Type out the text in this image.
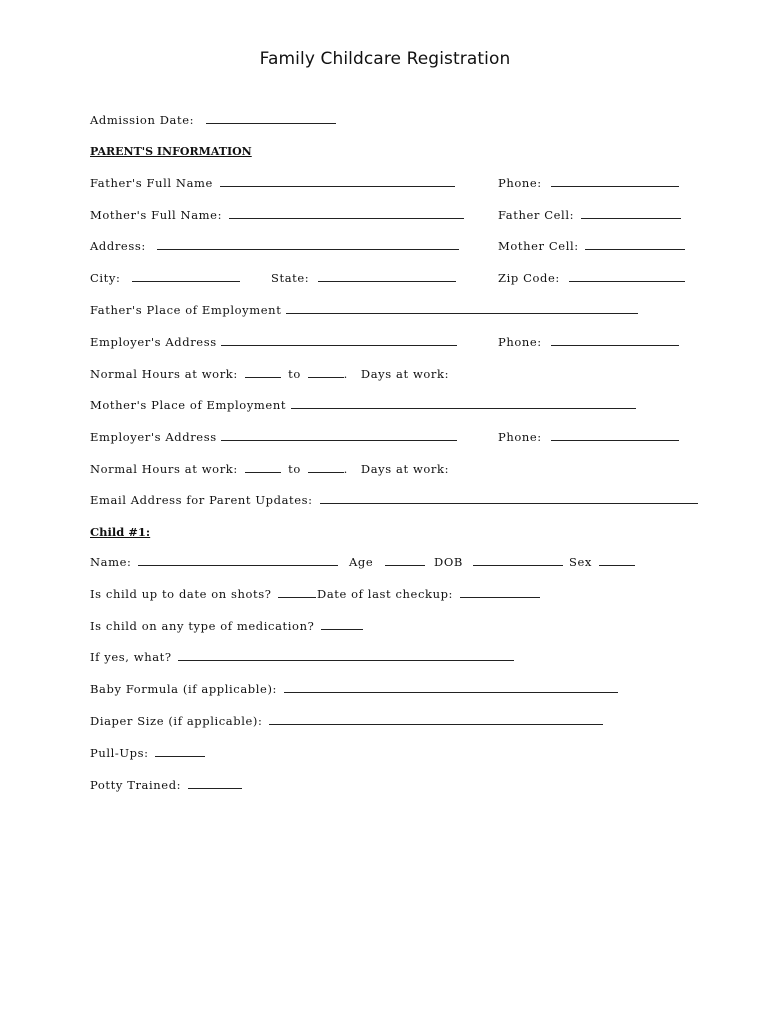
Family Childcare Registration
Admission Date:
PARENT'S INFORMATION
Father's Full Name	Phone:
Mother's Full Name:	Father Cell:
Address:	Mother Cell:
City:	State:	Zip Code:
Father's Place of Employment
Employer's Address	Phone:
Normal Hours at work:	to	. Days at work:
Mother's Place of Employment
Employer's Address	Phone:
Normal Hours at work:	to	. Days at work:
Email Address for Parent Updates:
Child #1:
Name:	Age	DOB	Sex
Is child up to date on shots?	Date of last checkup:
Is child on any type of medication?
If yes, what?
Baby Formula (if applicable):
Diaper Size (if applicable):
Pull-Ups:
Potty Trained:
